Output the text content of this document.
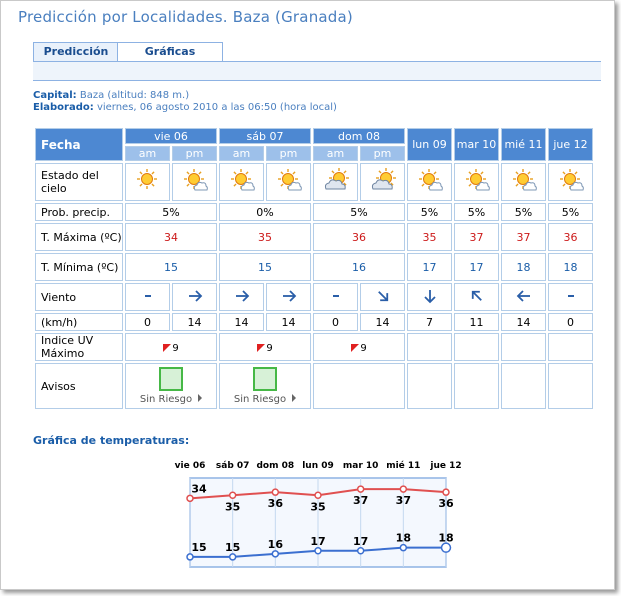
Predicción por Localidades. Baza (Granada)
Predicción	Gráficas
Capital: Baza (altitud: 848 m.)
Elaborado: viernes, 06 agosto 2010 a las 06:50 (hora local)
Fecha	vie 06		sáb 07		dom 08		lun 09	mar 10	mié 11	jue 12
	am	pm	am	pm	am	pm				
Estado del cielo										
Prob. precip.	5%		0%		5%		5%	5%	5%	5%
T. Máxima (ºC)	34		35		36		35	37	37	36
T. Mínima (ºC)	15		15		16		17	17	18	18
Viento										
(km/h)	0	14	14	14	0	14	7	11	14	0
Indice UV Máximo	9		9		9					
Avisos	Sin Riesgo		Sin Riesgo							
Gráfica de temperaturas:
vie 06 sáb 07 dom 08 lun 09 mar 10 mié 11 jue 12
34
35 36 35 37 37 36
15 15 16 17 17 18 18
